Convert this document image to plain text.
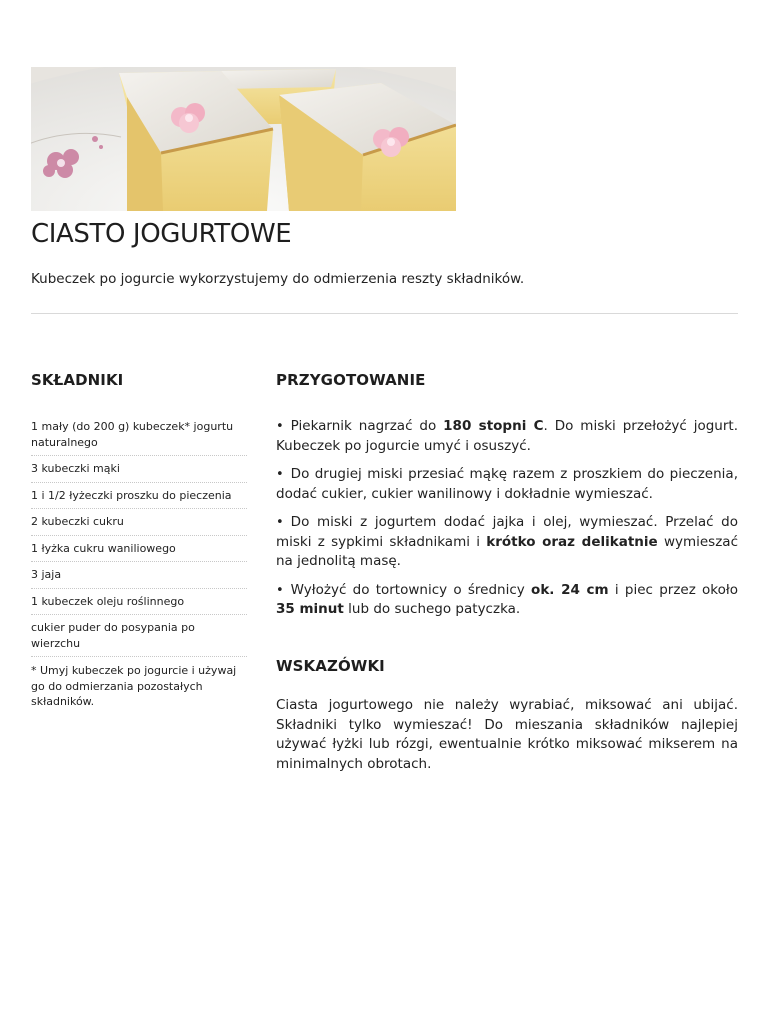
CIASTO JOGURTOWE

Kubeczek po jogurcie wykorzystujemy do odmierzenia reszty składników.

SKŁADNIKI
1 mały (do 200 g) kubeczek* jogurtu naturalnego
3 kubeczki mąki
1 i 1/2 łyżeczki proszku do pieczenia
2 kubeczki cukru
1 łyżka cukru waniliowego
3 jaja
1 kubeczek oleju roślinnego
cukier puder do posypania po wierzchu
* Umyj kubeczek po jogurcie i używaj go do odmierzania pozostałych składników.
PRZYGOTOWANIE
• Piekarnik nagrzać do 180 stopni C. Do miski przełożyć jogurt. Kubeczek po jogurcie umyć i osuszyć.
• Do drugiej miski przesiać mąkę razem z proszkiem do pieczenia, dodać cukier, cukier wanilinowy i dokładnie wymieszać.
• Do miski z jogurtem dodać jajka i olej, wymieszać. Przelać do miski z sypkimi składnikami i krótko oraz delikatnie wymieszać na jednolitą masę.
• Wyłożyć do tortownicy o średnicy ok. 24 cm i piec przez około 35 minut lub do suchego patyczka.
WSKAZÓWKI

Ciasta jogurtowego nie należy wyrabiać, miksować ani ubijać. Składniki tylko wymieszać! Do mieszania składników najlepiej używać łyżki lub rózgi, ewentualnie krótko miksować mikserem na minimalnych obrotach.
